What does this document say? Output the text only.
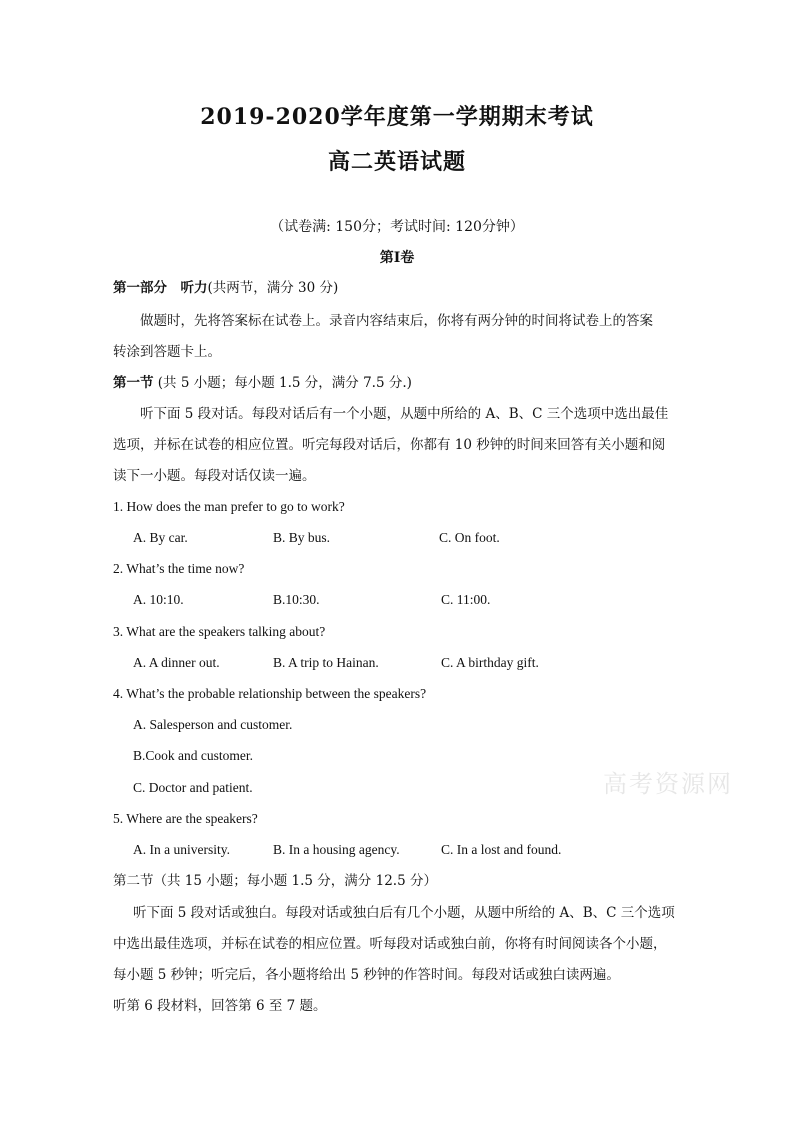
2019-2020学年度第一学期期末考试
高二英语试题
（试卷满: 150分；考试时间: 120分钟）
第I卷
第一部分　听力(共两节，满分 30 分)
做题时，先将答案标在试卷上。录音内容结束后，你将有两分钟的时间将试卷上的答案
转涂到答题卡上。
第一节 (共 5 小题；每小题 1.5 分，满分 7.5 分.)
听下面 5 段对话。每段对话后有一个小题，从题中所给的 A、B、C 三个选项中选出最佳
选项，并标在试卷的相应位置。听完每段对话后，你都有 10 秒钟的时间来回答有关小题和阅
读下一小题。每段对话仅读一遍。
1. How does the man prefer to go to work?
A. By car.	B. By bus.	C. On foot.
2. What’s the time now?
A. 10:10.	B.10:30.	C. 11:00.
3. What are the speakers talking about?
A. A dinner out.	B. A trip to Hainan.	C. A birthday gift.
4. What’s the probable relationship between the speakers?
A. Salesperson and customer.
B.Cook and customer.
C. Doctor and patient.
5. Where are the speakers?
A. In a university.	B. In a housing agency.	C. In a lost and found.
高考资源网
第二节（共 15 小题；每小题 1.5 分，满分 12.5 分）
听下面 5 段对话或独白。每段对话或独白后有几个小题，从题中所给的 A、B、C 三个选项
中选出最佳选项，并标在试卷的相应位置。听每段对话或独白前，你将有时间阅读各个小题，
每小题 5 秒钟；听完后，各小题将给出 5 秒钟的作答时间。每段对话或独白读两遍。
听第 6 段材料，回答第 6 至 7 题。
